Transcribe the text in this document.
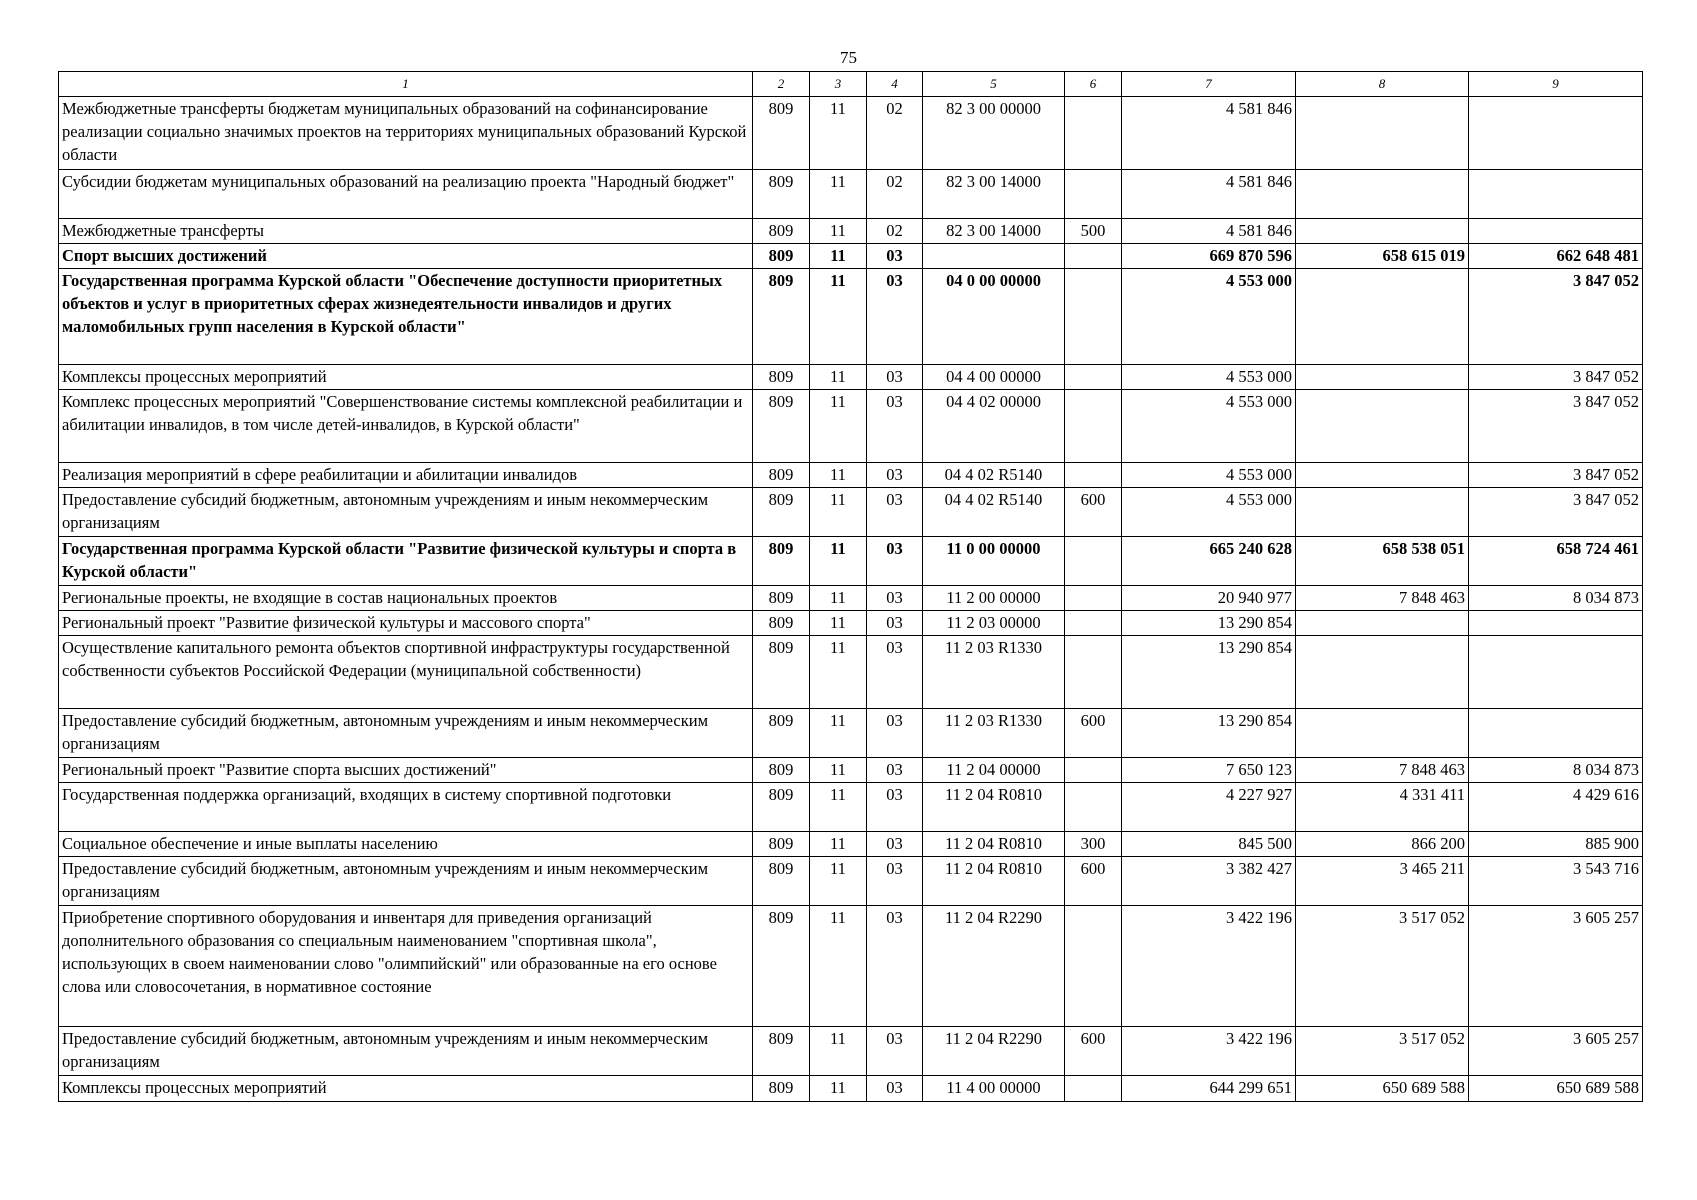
75
1	2	3	4	5	6	7	8	9
Межбюджетные трансферты бюджетам муниципальных образований на софинансирование реализации социально значимых проектов на территориях муниципальных образований Курской области	809	11	02	82 3 00 00000		4 581 846		
Субсидии бюджетам муниципальных образований на реализацию проекта "Народный бюджет"	809	11	02	82 3 00 14000		4 581 846		
Межбюджетные трансферты	809	11	02	82 3 00 14000	500	4 581 846		
Спорт высших достижений	809	11	03			669 870 596	658 615 019	662 648 481
Государственная программа Курской области "Обеспечение доступности приоритетных объектов и услуг в приоритетных сферах жизнедеятельности инвалидов и других маломобильных групп населения в Курской области"	809	11	03	04 0 00 00000		4 553 000		3 847 052
Комплексы процессных мероприятий	809	11	03	04 4 00 00000		4 553 000		3 847 052
Комплекс процессных мероприятий "Совершенствование системы комплексной реабилитации и абилитации инвалидов, в том числе детей-инвалидов, в Курской области"	809	11	03	04 4 02 00000		4 553 000		3 847 052
Реализация мероприятий в сфере реабилитации и абилитации инвалидов	809	11	03	04 4 02 R5140		4 553 000		3 847 052
Предоставление субсидий бюджетным, автономным учреждениям и иным некоммерческим организациям	809	11	03	04 4 02 R5140	600	4 553 000		3 847 052
Государственная программа Курской области "Развитие физической культуры и спорта в Курской области"	809	11	03	11 0 00 00000		665 240 628	658 538 051	658 724 461
Региональные проекты, не входящие в состав национальных проектов	809	11	03	11 2 00 00000		20 940 977	7 848 463	8 034 873
Региональный проект "Развитие физической культуры и массового спорта"	809	11	03	11 2 03 00000		13 290 854		
Осуществление капитального ремонта объектов спортивной инфраструктуры государственной собственности субъектов Российской Федерации (муниципальной собственности)	809	11	03	11 2 03 R1330		13 290 854		
Предоставление субсидий бюджетным, автономным учреждениям и иным некоммерческим организациям	809	11	03	11 2 03 R1330	600	13 290 854		
Региональный проект "Развитие спорта высших достижений"	809	11	03	11 2 04 00000		7 650 123	7 848 463	8 034 873
Государственная поддержка организаций, входящих в систему спортивной подготовки	809	11	03	11 2 04 R0810		4 227 927	4 331 411	4 429 616
Социальное обеспечение и иные выплаты населению	809	11	03	11 2 04 R0810	300	845 500	866 200	885 900
Предоставление субсидий бюджетным, автономным учреждениям и иным некоммерческим организациям	809	11	03	11 2 04 R0810	600	3 382 427	3 465 211	3 543 716
Приобретение спортивного оборудования и инвентаря для приведения организаций дополнительного образования со специальным наименованием "спортивная школа", использующих в своем наименовании слово "олимпийский" или образованные на его основе слова или словосочетания, в нормативное состояние	809	11	03	11 2 04 R2290		3 422 196	3 517 052	3 605 257
Предоставление субсидий бюджетным, автономным учреждениям и иным некоммерческим организациям	809	11	03	11 2 04 R2290	600	3 422 196	3 517 052	3 605 257
Комплексы процессных мероприятий	809	11	03	11 4 00 00000		644 299 651	650 689 588	650 689 588
